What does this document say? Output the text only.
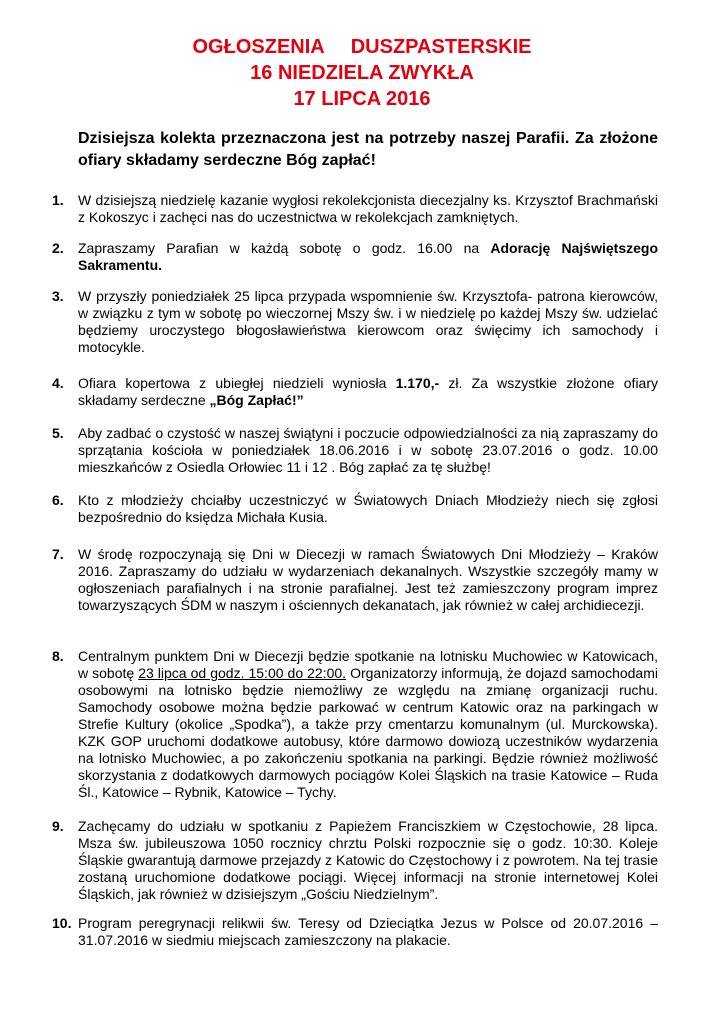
OGŁOSZENIA DUSZPASTERSKIE
16 NIEDZIELA ZWYKŁA
17 LIPCA 2016
Dzisiejsza kolekta przeznaczona jest na potrzeby naszej Parafii. Za złożone ofiary składamy serdeczne Bóg zapłać!
1.	W dzisiejszą niedzielę kazanie wygłosi rekolekcjonista diecezjalny ks. Krzysztof Brachmański z Kokoszyc i zachęci nas do uczestnictwa w rekolekcjach zamkniętych.
2.	Zapraszamy Parafian w każdą sobotę o godz. 16.00 na Adorację Najświętszego Sakramentu.
3.	W przyszły poniedziałek 25 lipca przypada wspomnienie św. Krzysztofa- patrona kierowców, w związku z tym w sobotę po wieczornej Mszy św. i w niedzielę po każdej Mszy św. udzielać będziemy uroczystego błogosławieństwa kierowcom oraz święcimy ich samochody i motocykle.
4.	Ofiara kopertowa z ubiegłej niedzieli wyniosła 1.170,- zł. Za wszystkie złożone ofiary składamy serdeczne „Bóg Zapłać!”
5.	Aby zadbać o czystość w naszej świątyni i poczucie odpowiedzialności za nią zapraszamy do sprzątania kościoła w poniedziałek 18.06.2016 i w sobotę 23.07.2016 o godz. 10.00 mieszkańców z Osiedla Orłowiec 11 i 12 . Bóg zapłać za tę służbę!
6.	Kto z młodzieży chciałby uczestniczyć w Światowych Dniach Młodzieży niech się zgłosi bezpośrednio do księdza Michała Kusia.
7.	W środę rozpoczynają się Dni w Diecezji w ramach Światowych Dni Młodzieży – Kraków 2016. Zapraszamy do udziału w wydarzeniach dekanalnych. Wszystkie szczegóły mamy w ogłoszeniach parafialnych i na stronie parafialnej. Jest też zamieszczony program imprez towarzyszących ŚDM w naszym i ościennych dekanatach, jak również w całej archidiecezji.
8.	Centralnym punktem Dni w Diecezji będzie spotkanie na lotnisku Muchowiec w Katowicach, w sobotę 23 lipca od godz. 15:00 do 22:00. Organizatorzy informują, że dojazd samochodami osobowymi na lotnisko będzie niemożliwy ze względu na zmianę organizacji ruchu. Samochody osobowe można będzie parkować w centrum Katowic oraz na parkingach w Strefie Kultury (okolice „Spodka”), a także przy cmentarzu komunalnym (ul. Murckowska). KZK GOP uruchomi dodatkowe autobusy, które darmowo dowiozą uczestników wydarzenia na lotnisko Muchowiec, a po zakończeniu spotkania na parkingi. Będzie również możliwość skorzystania z dodatkowych darmowych pociągów Kolei Śląskich na trasie Katowice – Ruda Śl., Katowice – Rybnik, Katowice – Tychy.
9.	Zachęcamy do udziału w spotkaniu z Papieżem Franciszkiem w Częstochowie, 28 lipca. Msza św. jubileuszowa 1050 rocznicy chrztu Polski rozpocznie się o godz. 10:30. Koleje Śląskie gwarantują darmowe przejazdy z Katowic do Częstochowy i z powrotem. Na tej trasie zostaną uruchomione dodatkowe pociągi. Więcej informacji na stronie internetowej Kolei Śląskich, jak również w dzisiejszym „Gościu Niedzielnym”.
10. Program peregrynacji relikwii św. Teresy od Dzieciątka Jezus w Polsce od 20.07.2016 – 31.07.2016 w siedmiu miejscach zamieszczony na plakacie.
